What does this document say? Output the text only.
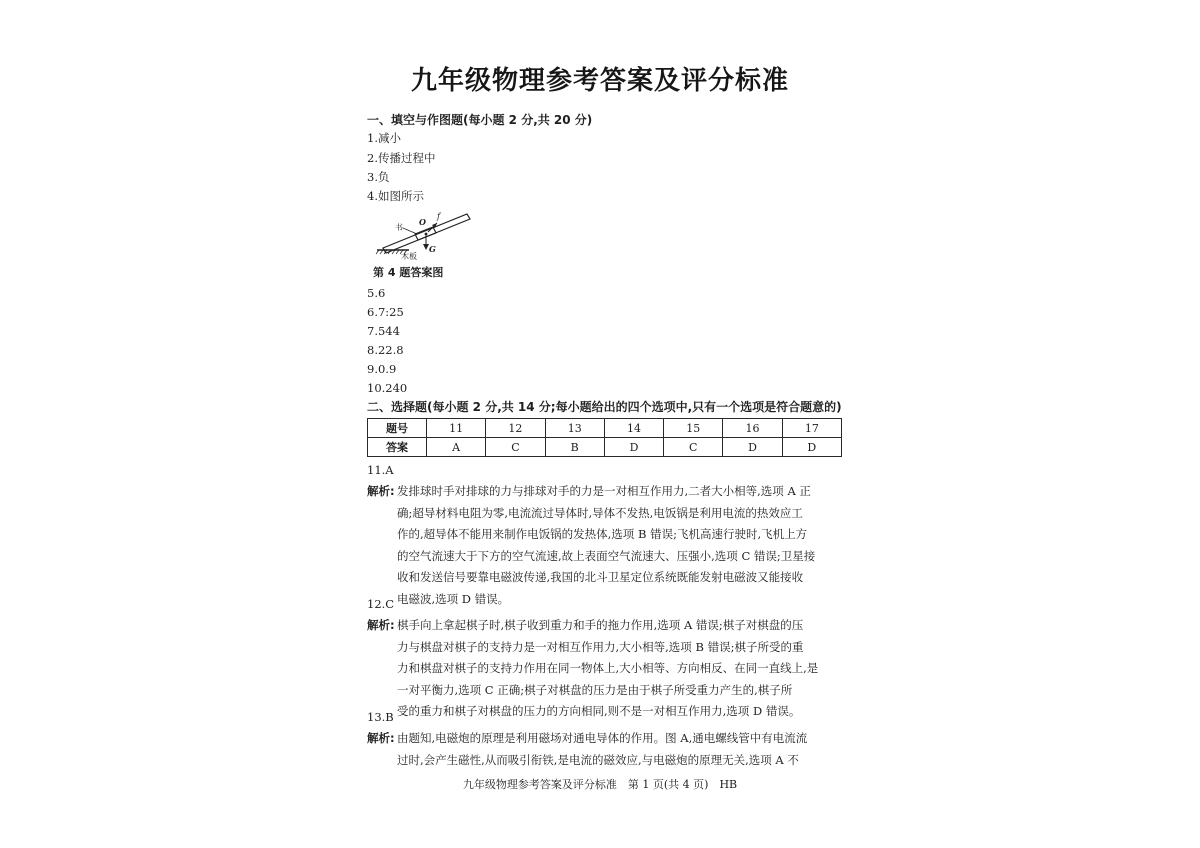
九年级物理参考答案及评分标准
一、填空与作图题(每小题 2 分,共 20 分)
1.减小
2.传播过程中
3.负
4.如图所示
书
O
f
G
木板
第 4 题答案图
5.6
6.7:25
7.544
8.22.8
9.0.9
10.240
二、选择题(每小题 2 分,共 14 分;每小题给出的四个选项中,只有一个选项是符合题意的)
题号	11	12	13	14	15	16	17
答案	A	C	B	D	C	D	D
11.A
解析: 发排球时手对排球的力与排球对手的力是一对相互作用力,二者大小相等,选项 A 正
确;超导材料电阻为零,电流流过导体时,导体不发热,电饭锅是利用电流的热效应工
作的,超导体不能用来制作电饭锅的发热体,选项 B 错误;飞机高速行驶时,飞机上方
的空气流速大于下方的空气流速,故上表面空气流速大、压强小,选项 C 错误;卫星接
收和发送信号要靠电磁波传递,我国的北斗卫星定位系统既能发射电磁波又能接收
电磁波,选项 D 错误。
12.C
解析: 棋手向上拿起棋子时,棋子收到重力和手的拖力作用,选项 A 错误;棋子对棋盘的压
力与棋盘对棋子的支持力是一对相互作用力,大小相等,选项 B 错误;棋子所受的重
力和棋盘对棋子的支持力作用在同一物体上,大小相等、方向相反、在同一直线上,是
一对平衡力,选项 C 正确;棋子对棋盘的压力是由于棋子所受重力产生的,棋子所
受的重力和棋子对棋盘的压力的方向相同,则不是一对相互作用力,选项 D 错误。
13.B
解析: 由题知,电磁炮的原理是利用磁场对通电导体的作用。图 A,通电螺线管中有电流流
过时,会产生磁性,从而吸引衔铁,是电流的磁效应,与电磁炮的原理无关,选项 A 不
九年级物理参考答案及评分标准　第 1 页(共 4 页)　HB
